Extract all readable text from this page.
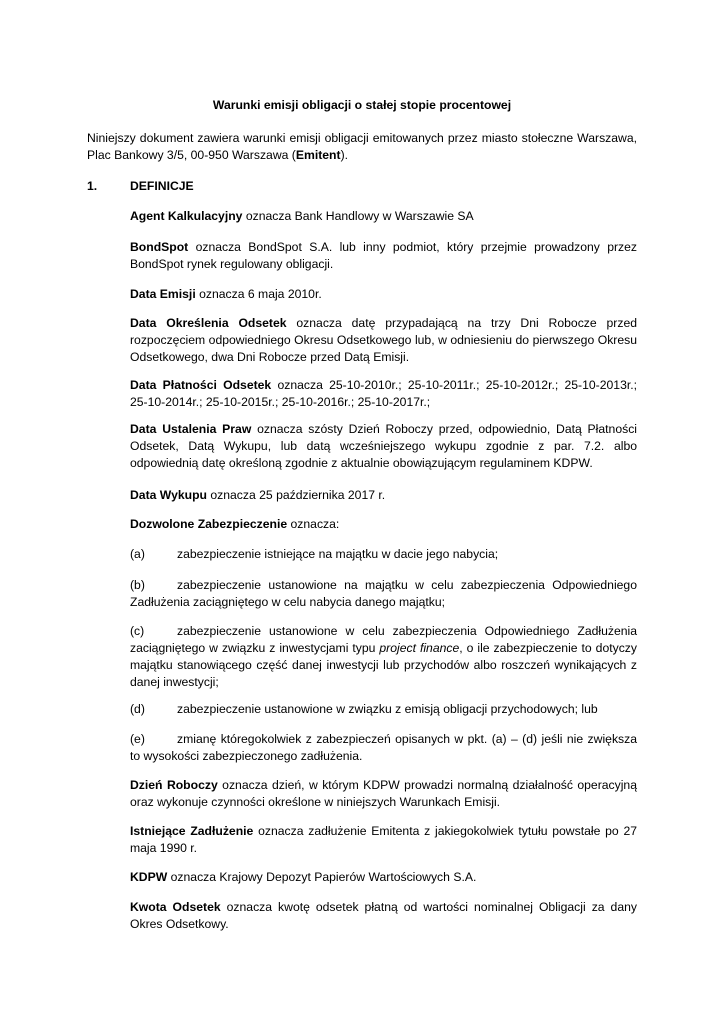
Warunki emisji obligacji o stałej stopie procentowej
Niniejszy dokument zawiera warunki emisji obligacji emitowanych przez miasto stołeczne Warszawa, Plac Bankowy 3/5, 00-950 Warszawa (Emitent).
1.	DEFINICJE
Agent Kalkulacyjny oznacza Bank Handlowy w Warszawie SA
BondSpot oznacza BondSpot S.A. lub inny podmiot, który przejmie prowadzony przez BondSpot rynek regulowany obligacji.
Data Emisji oznacza 6 maja 2010r.
Data Określenia Odsetek oznacza datę przypadającą na trzy Dni Robocze przed rozpoczęciem odpowiedniego Okresu Odsetkowego lub, w odniesieniu do pierwszego Okresu Odsetkowego, dwa Dni Robocze przed Datą Emisji.
Data Płatności Odsetek oznacza 25-10-2010r.; 25-10-2011r.; 25-10-2012r.; 25-10-2013r.; 25-10-2014r.; 25-10-2015r.; 25-10-2016r.; 25-10-2017r.;
Data Ustalenia Praw oznacza szósty Dzień Roboczy przed, odpowiednio, Datą Płatności Odsetek, Datą Wykupu, lub datą wcześniejszego wykupu zgodnie z par. 7.2. albo odpowiednią datę określoną zgodnie z aktualnie obowiązującym regulaminem KDPW.
Data Wykupu oznacza 25 października 2017 r.
Dozwolone Zabezpieczenie oznacza:
(a)	zabezpieczenie istniejące na majątku w dacie jego nabycia;
(b)	zabezpieczenie ustanowione na majątku w celu zabezpieczenia Odpowiedniego Zadłużenia zaciągniętego w celu nabycia danego majątku;
(c)	zabezpieczenie ustanowione w celu zabezpieczenia Odpowiedniego Zadłużenia zaciągniętego w związku z inwestycjami typu project finance, o ile zabezpieczenie to dotyczy majątku stanowiącego część danej inwestycji lub przychodów albo roszczeń wynikających z danej inwestycji;
(d)	zabezpieczenie ustanowione w związku z emisją obligacji przychodowych; lub
(e)	zmianę któregokolwiek z zabezpieczeń opisanych w pkt. (a) – (d) jeśli nie zwiększa to wysokości zabezpieczonego zadłużenia.
Dzień Roboczy oznacza dzień, w którym KDPW prowadzi normalną działalność operacyjną oraz wykonuje czynności określone w niniejszych Warunkach Emisji.
Istniejące Zadłużenie oznacza zadłużenie Emitenta z jakiegokolwiek tytułu powstałe po 27 maja 1990 r.
KDPW oznacza Krajowy Depozyt Papierów Wartościowych S.A.
Kwota Odsetek oznacza kwotę odsetek płatną od wartości nominalnej Obligacji za dany Okres Odsetkowy.
